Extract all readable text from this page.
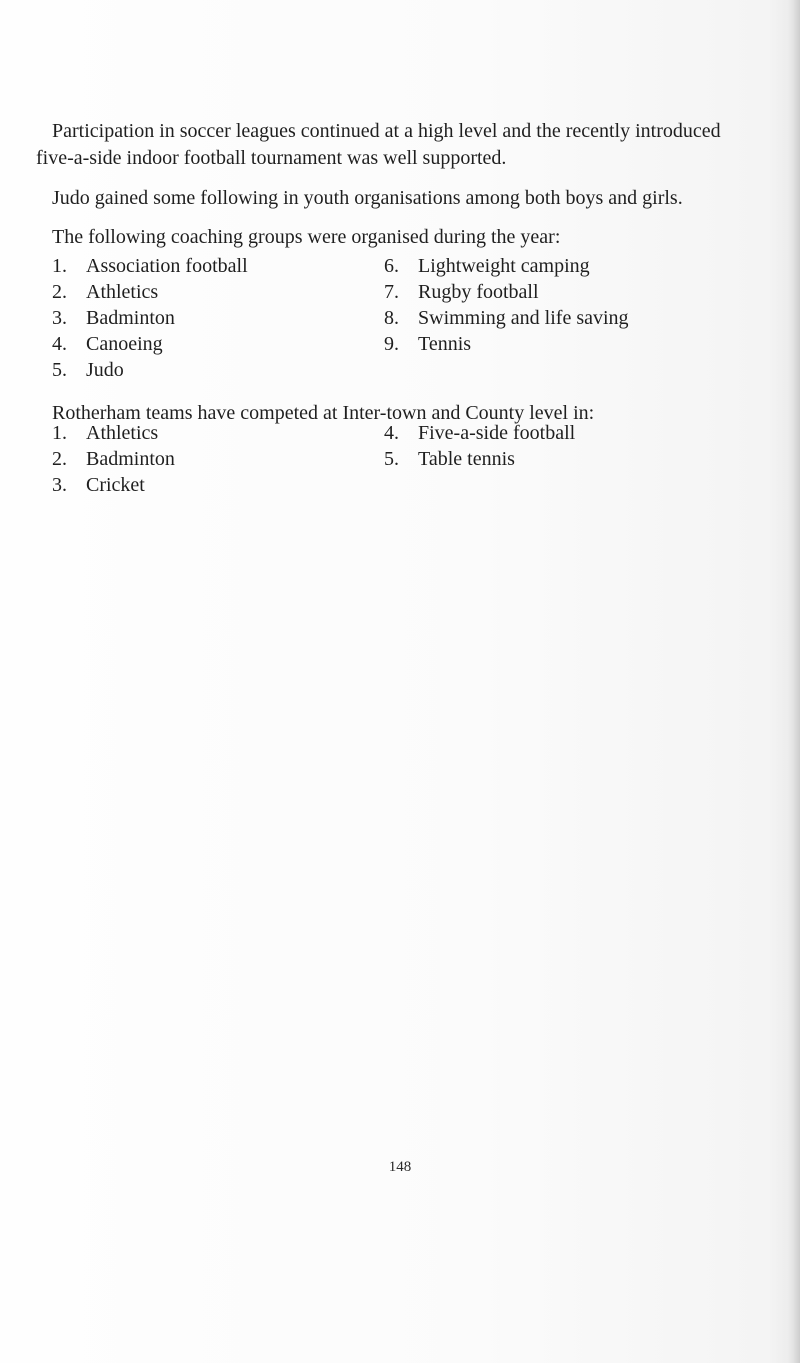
Participation in soccer leagues continued at a high level and the recently introduced

five-a-side indoor football tournament was well supported.

Judo gained some following in youth organisations among both boys and girls.

The following coaching groups were organised during the year:

1. Association football
2. Athletics
3. Badminton
4. Canoeing
5. Judo
6. Lightweight camping
7. Rugby football
8. Swimming and life saving
9. Tennis

Rotherham teams have competed at Inter-town and County level in:

1. Athletics
2. Badminton
3. Cricket
4. Five-a-side football
5. Table tennis
148
